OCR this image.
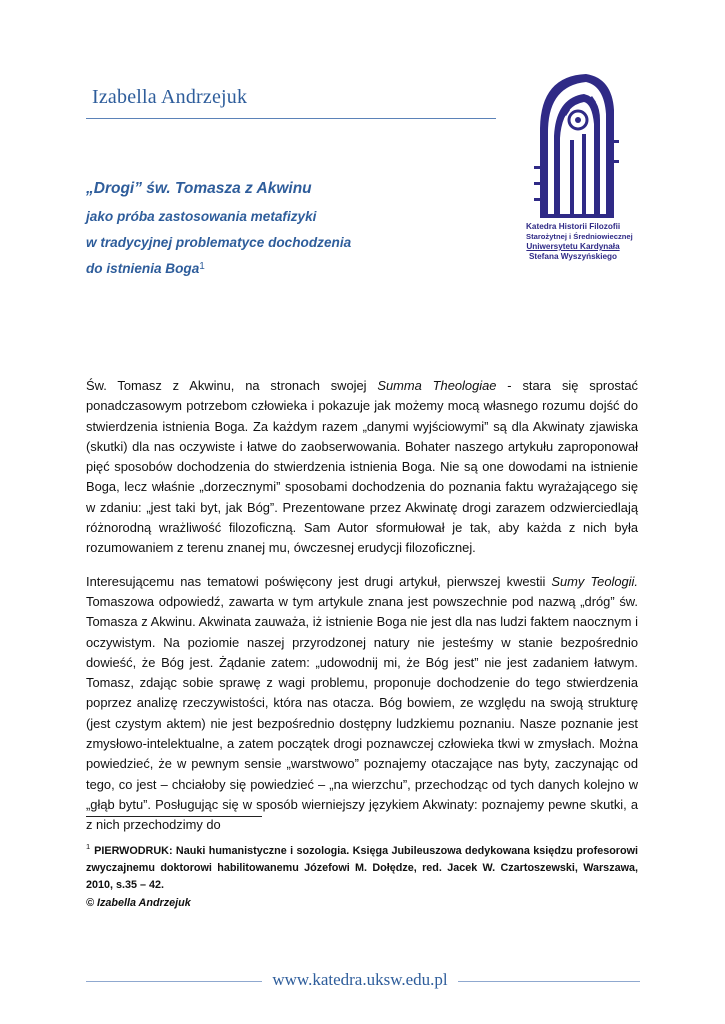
Izabella Andrzejuk
Katedra Historii Filozofii
Starożytnej i Średniowiecznej
Uniwersytetu Kardynała
Stefana Wyszyńskiego
„Drogi” św. Tomasza z Akwinu
jako próba zastosowania metafizyki
w tradycyjnej problematyce dochodzenia
do istnienia Boga$^1$

Św. Tomasz z Akwinu, na stronach swojej Summa Theologiae - stara się sprostać ponadczasowym potrzebom człowieka i pokazuje jak możemy mocą własnego rozumu dojść do stwierdzenia istnienia Boga. Za każdym razem „danymi wyjściowymi” są dla Akwinaty zjawiska (skutki) dla nas oczywiste i łatwe do zaobserwowania. Bohater naszego artykułu zaproponował pięć sposobów dochodzenia do stwierdzenia istnienia Boga. Nie są one dowodami na istnienie Boga, lecz właśnie „dorzecznymi” sposobami dochodzenia do poznania faktu wyrażającego się w zdaniu: „jest taki byt, jak Bóg”. Prezentowane przez Akwinatę drogi zarazem odzwierciedlają różnorodną wrażliwość filozoficzną. Sam Autor sformułował je tak, aby każda z nich była rozumowaniem z terenu znanej mu, ówczesnej erudycji filozoficznej.

Interesującemu nas tematowi poświęcony jest drugi artykuł, pierwszej kwestii Sumy Teologii. Tomaszowa odpowiedź, zawarta w tym artykule znana jest powszechnie pod nazwą „dróg” św. Tomasza z Akwinu. Akwinata zauważa, iż istnienie Boga nie jest dla nas ludzi faktem naocznym i oczywistym. Na poziomie naszej przyrodzonej natury nie jesteśmy w stanie bezpośrednio dowieść, że Bóg jest. Żądanie zatem: „udowodnij mi, że Bóg jest” nie jest zadaniem łatwym. Tomasz, zdając sobie sprawę z wagi problemu, proponuje dochodzenie do tego stwierdzenia poprzez analizę rzeczywistości, która nas otacza. Bóg bowiem, ze względu na swoją strukturę (jest czystym aktem) nie jest bezpośrednio dostępny ludzkiemu poznaniu. Nasze poznanie jest zmysłowo-intelektualne, a zatem początek drogi poznawczej człowieka tkwi w zmysłach. Można powiedzieć, że w pewnym sensie „warstwowo” poznajemy otaczające nas byty, zaczynając od tego, co jest – chciałoby się powiedzieć – „na wierzchu”, przechodząc od tych danych kolejno w „głąb bytu”. Posługując się w sposób wierniejszy językiem Akwinaty: poznajemy pewne skutki, a z nich przechodzimy do

$^1$ PIERWODRUK: Nauki humanistyczne i sozologia. Księga Jubileuszowa dedykowana księdzu profesorowi zwyczajnemu doktorowi habilitowanemu Józefowi M. Dołędze, red. Jacek W. Czartoszewski, Warszawa, 2010, s.35 – 42.
© Izabella Andrzejuk
www.katedra.uksw.edu.pl
